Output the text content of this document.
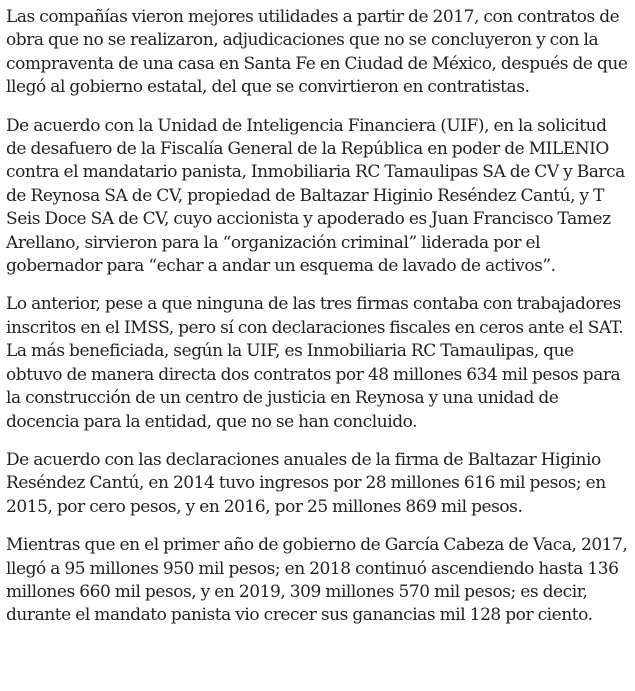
Las compañías vieron mejores utilidades a partir de 2017, con contratos de obra que no se realizaron, adjudicaciones que no se concluyeron y con la compraventa de una casa en Santa Fe en Ciudad de México, después de que llegó al gobierno estatal, del que se convirtieron en contratistas.

De acuerdo con la Unidad de Inteligencia Financiera (UIF), en la solicitud de desafuero de la Fiscalía General de la República en poder de MILENIO contra el mandatario panista, Inmobiliaria RC Tamaulipas SA de CV y Barca de Reynosa SA de CV, propiedad de Baltazar Higinio Reséndez Cantú, y T Seis Doce SA de CV, cuyo accionista y apoderado es Juan Francisco Tamez Arellano, sirvieron para la “organización criminal” liderada por el gobernador para “echar a andar un esquema de lavado de activos”.

Lo anterior, pese a que ninguna de las tres firmas contaba con trabajadores inscritos en el IMSS, pero sí con declaraciones fiscales en ceros ante el SAT. La más beneficiada, según la UIF, es Inmobiliaria RC Tamaulipas, que obtuvo de manera directa dos contratos por 48 millones 634 mil pesos para la construcción de un centro de justicia en Reynosa y una unidad de docencia para la entidad, que no se han concluido.

De acuerdo con las declaraciones anuales de la firma de Baltazar Higinio Reséndez Cantú, en 2014 tuvo ingresos por 28 millones 616 mil pesos; en 2015, por cero pesos, y en 2016, por 25 millones 869 mil pesos.

Mientras que en el primer año de gobierno de García Cabeza de Vaca, 2017, llegó a 95 millones 950 mil pesos; en 2018 continuó ascendiendo hasta 136 millones 660 mil pesos, y en 2019, 309 millones 570 mil pesos; es decir, durante el mandato panista vio crecer sus ganancias mil 128 por ciento.
